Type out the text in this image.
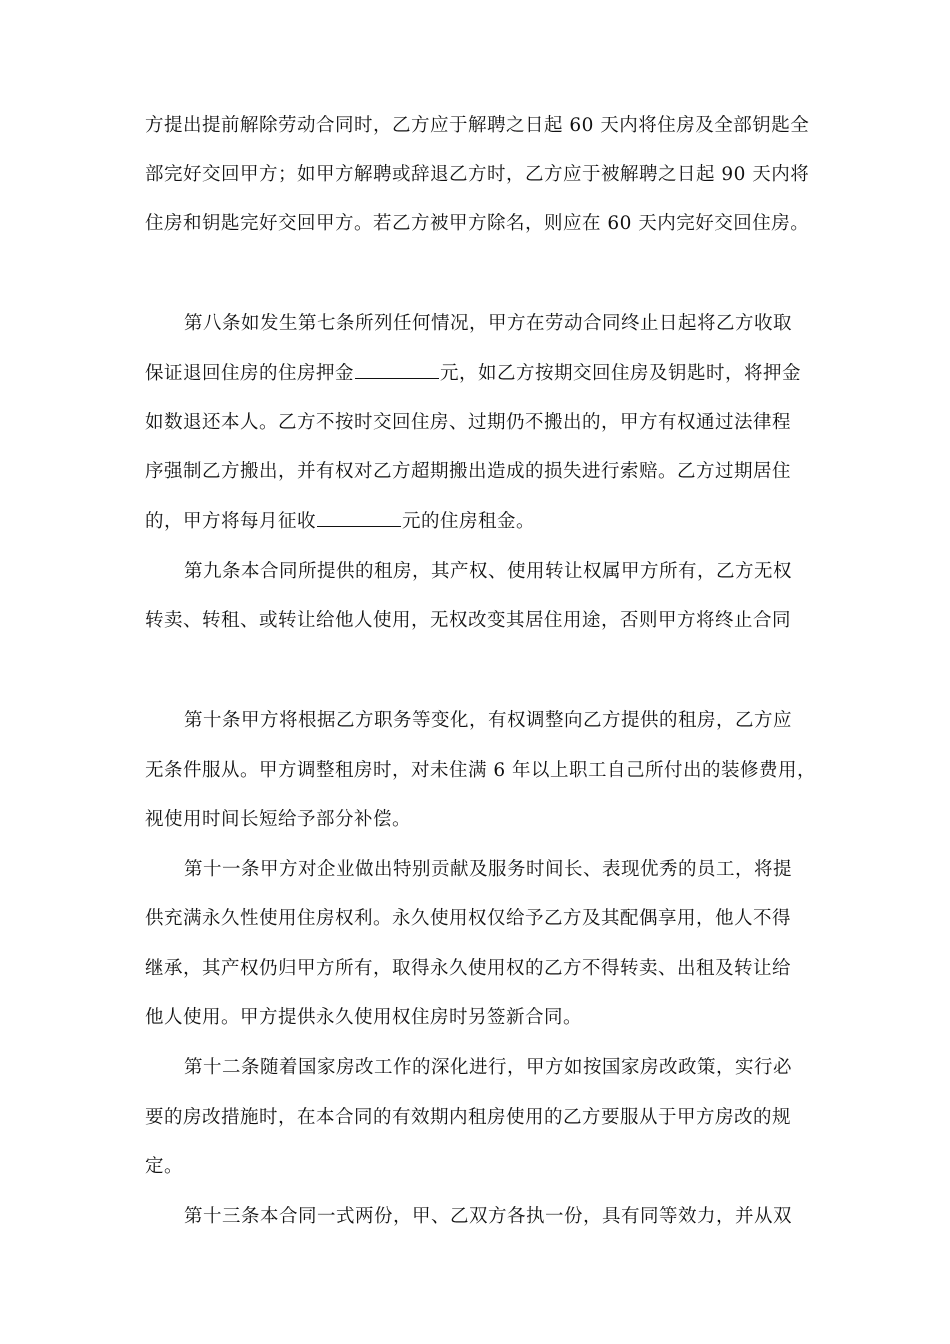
方提出提前解除劳动合同时，乙方应于解聘之日起 60 天内将住房及全部钥匙全
部完好交回甲方；如甲方解聘或辞退乙方时，乙方应于被解聘之日起 90 天内将
住房和钥匙完好交回甲方。若乙方被甲方除名，则应在 60 天内完好交回住房。
第八条如发生第七条所列任何情况，甲方在劳动合同终止日起将乙方收取
保证退回住房的住房押金	元，如乙方按期交回住房及钥匙时，将押金
如数退还本人。乙方不按时交回住房、过期仍不搬出的，甲方有权通过法律程
序强制乙方搬出，并有权对乙方超期搬出造成的损失进行索赔。乙方过期居住
的，甲方将每月征收	元的住房租金。
第九条本合同所提供的租房，其产权、使用转让权属甲方所有，乙方无权
转卖、转租、或转让给他人使用，无权改变其居住用途，否则甲方将终止合同
第十条甲方将根据乙方职务等变化，有权调整向乙方提供的租房，乙方应
无条件服从。甲方调整租房时，对未住满 6 年以上职工自己所付出的装修费用，
视使用时间长短给予部分补偿。
第十一条甲方对企业做出特别贡献及服务时间长、表现优秀的员工，将提
供充满永久性使用住房权利。永久使用权仅给予乙方及其配偶享用，他人不得
继承，其产权仍归甲方所有，取得永久使用权的乙方不得转卖、出租及转让给
他人使用。甲方提供永久使用权住房时另签新合同。
第十二条随着国家房改工作的深化进行，甲方如按国家房改政策，实行必
要的房改措施时，在本合同的有效期内租房使用的乙方要服从于甲方房改的规
定。
第十三条本合同一式两份，甲、乙双方各执一份，具有同等效力，并从双
